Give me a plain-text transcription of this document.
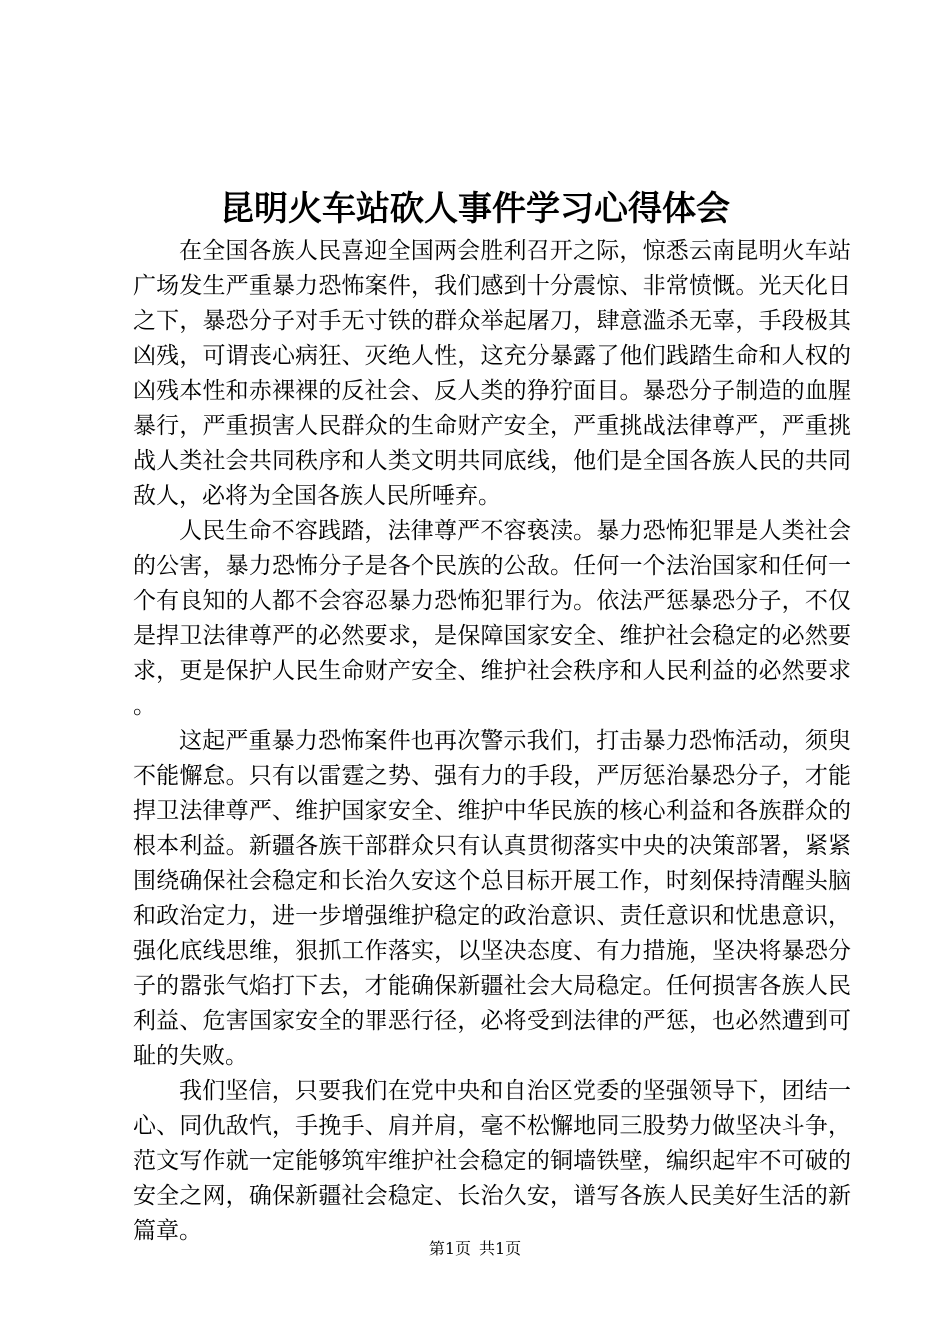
昆明火车站砍人事件学习心得体会

在全国各族人民喜迎全国两会胜利召开之际，惊悉云南昆明火车站广场发生严重暴力恐怖案件，我们感到十分震惊、非常愤慨。光天化日之下，暴恐分子对手无寸铁的群众举起屠刀，肆意滥杀无辜，手段极其凶残，可谓丧心病狂、灭绝人性，这充分暴露了他们践踏生命和人权的凶残本性和赤裸裸的反社会、反人类的狰狞面目。暴恐分子制造的血腥暴行，严重损害人民群众的生命财产安全，严重挑战法律尊严，严重挑战人类社会共同秩序和人类文明共同底线，他们是全国各族人民的共同敌人，必将为全国各族人民所唾弃。

人民生命不容践踏，法律尊严不容亵渎。暴力恐怖犯罪是人类社会的公害，暴力恐怖分子是各个民族的公敌。任何一个法治国家和任何一个有良知的人都不会容忍暴力恐怖犯罪行为。依法严惩暴恐分子，不仅是捍卫法律尊严的必然要求，是保障国家安全、维护社会稳定的必然要求，更是保护人民生命财产安全、维护社会秩序和人民利益的必然要求。

这起严重暴力恐怖案件也再次警示我们，打击暴力恐怖活动，须臾不能懈怠。只有以雷霆之势、强有力的手段，严厉惩治暴恐分子，才能捍卫法律尊严、维护国家安全、维护中华民族的核心利益和各族群众的根本利益。新疆各族干部群众只有认真贯彻落实中央的决策部署，紧紧围绕确保社会稳定和长治久安这个总目标开展工作，时刻保持清醒头脑和政治定力，进一步增强维护稳定的政治意识、责任意识和忧患意识，强化底线思维，狠抓工作落实，以坚决态度、有力措施，坚决将暴恐分子的嚣张气焰打下去，才能确保新疆社会大局稳定。任何损害各族人民利益、危害国家安全的罪恶行径，必将受到法律的严惩，也必然遭到可耻的失败。

我们坚信，只要我们在党中央和自治区党委的坚强领导下，团结一心、同仇敌忾，手挽手、肩并肩，毫不松懈地同三股势力做坚决斗争，范文写作就一定能够筑牢维护社会稳定的铜墙铁壁，编织起牢不可破的安全之网，确保新疆社会稳定、长治久安，谱写各族人民美好生活的新篇章。

第1页 共1页
